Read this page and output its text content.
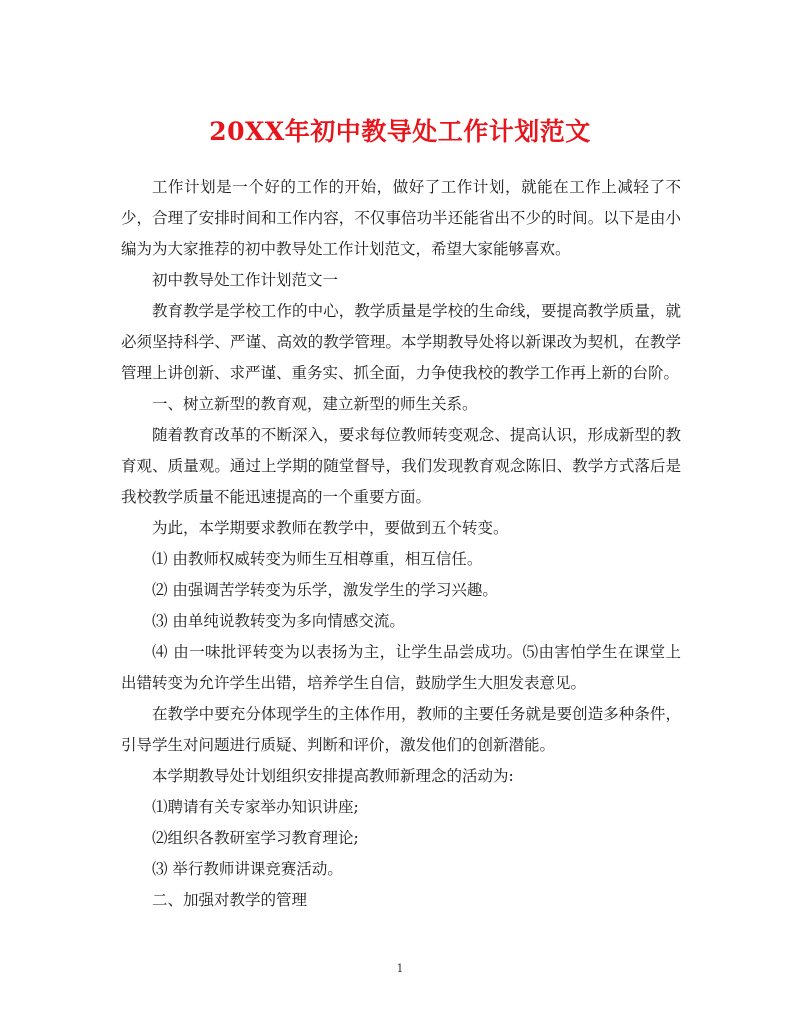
20XX年初中教导处工作计划范文

工作计划是一个好的工作的开始，做好了工作计划，就能在工作上减轻了不少，合理了安排时间和工作内容，不仅事倍功半还能省出不少的时间。以下是由小编为为大家推荐的初中教导处工作计划范文，希望大家能够喜欢。

初中教导处工作计划范文一

教育教学是学校工作的中心，教学质量是学校的生命线，要提高教学质量，就必须坚持科学、严谨、高效的教学管理。本学期教导处将以新课改为契机，在教学管理上讲创新、求严谨、重务实、抓全面，力争使我校的教学工作再上新的台阶。

一、树立新型的教育观，建立新型的师生关系。

随着教育改革的不断深入，要求每位教师转变观念、提高认识，形成新型的教育观、质量观。通过上学期的随堂督导，我们发现教育观念陈旧、教学方式落后是我校教学质量不能迅速提高的一个重要方面。

为此，本学期要求教师在教学中，要做到五个转变。

⑴ 由教师权威转变为师生互相尊重，相互信任。

⑵ 由强调苦学转变为乐学，激发学生的学习兴趣。

⑶ 由单纯说教转变为多向情感交流。

⑷ 由一味批评转变为以表扬为主，让学生品尝成功。⑸由害怕学生在课堂上出错转变为允许学生出错，培养学生自信，鼓励学生大胆发表意见。

在教学中要充分体现学生的主体作用，教师的主要任务就是要创造多种条件，引导学生对问题进行质疑、判断和评价，激发他们的创新潜能。

本学期教导处计划组织安排提高教师新理念的活动为:

⑴聘请有关专家举办知识讲座;

⑵组织各教研室学习教育理论;

⑶ 举行教师讲课竞赛活动。

二、加强对教学的管理

1
